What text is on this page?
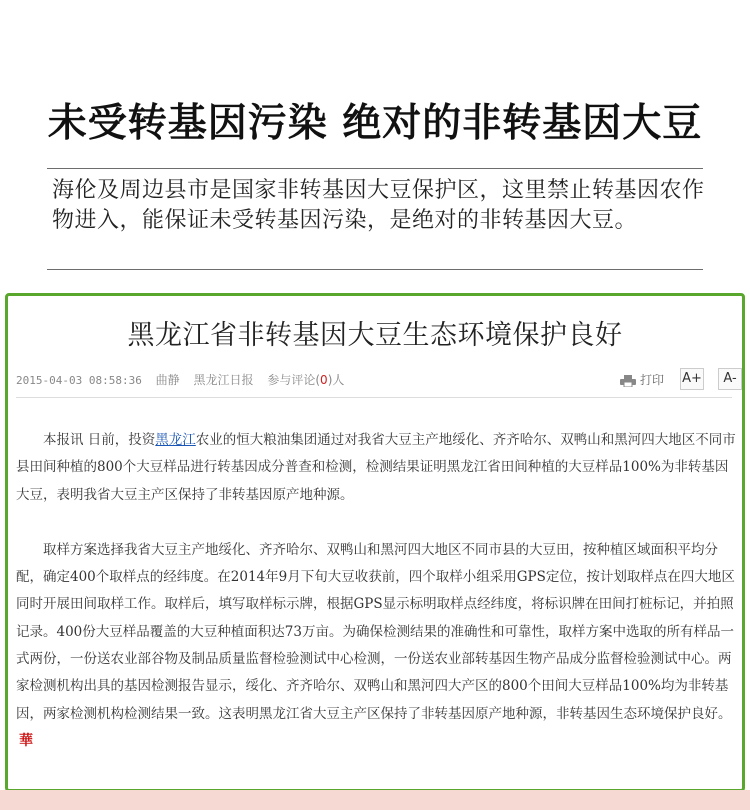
未受转基因污染 绝对的非转基因大豆
海伦及周边县市是国家非转基因大豆保护区，这里禁止转基因农作物进入，能保证未受转基因污染，是绝对的非转基因大豆。
黑龙江省非转基因大豆生态环境保护良好
2015-04-03 08:58:36 曲静 黑龙江日报 参与评论(0)人	打印 A+	A-

本报讯 日前，投资黑龙江农业的恒大粮油集团通过对我省大豆主产地绥化、齐齐哈尔、双鸭山和黑河四大地区不同市县田间种植的800个大豆样品进行转基因成分普查和检测，检测结果证明黑龙江省田间种植的大豆样品100%为非转基因大豆，表明我省大豆主产区保持了非转基因原产地种源。

取样方案选择我省大豆主产地绥化、齐齐哈尔、双鸭山和黑河四大地区不同市县的大豆田，按种植区域面积平均分配，确定400个取样点的经纬度。在2014年9月下旬大豆收获前，四个取样小组采用GPS定位，按计划取样点在四大地区同时开展田间取样工作。取样后，填写取样标示牌，根据GPS显示标明取样点经纬度，将标识牌在田间打桩标记，并拍照记录。400份大豆样品覆盖的大豆种植面积达73万亩。为确保检测结果的准确性和可靠性，取样方案中选取的所有样品一式两份，一份送农业部谷物及制品质量监督检验测试中心检测，一份送农业部转基因生物产品成分监督检验测试中心。两家检测机构出具的基因检测报告显示，绥化、齐齐哈尔、双鸭山和黑河四大产区的800个田间大豆样品100%均为非转基因，两家检测机构检测结果一致。这表明黑龙江省大豆主产区保持了非转基因原产地种源，非转基因生态环境保护良好。華
